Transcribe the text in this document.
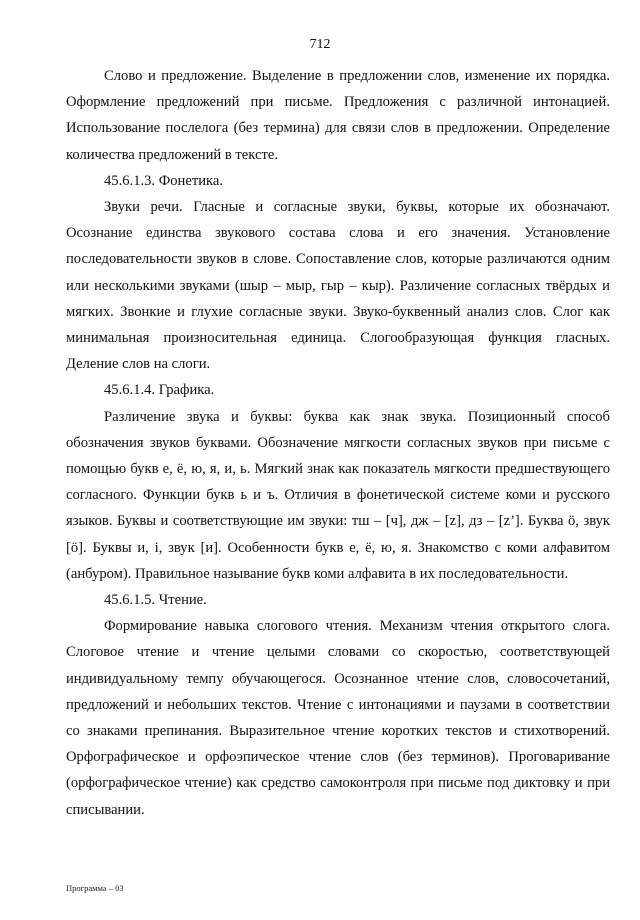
712

Слово и предложение. Выделение в предложении слов, изменение их порядка. Оформление предложений при письме. Предложения с различной интонацией. Использование послелога (без термина) для связи слов в предложении. Определение количества предложений в тексте.

45.6.1.3. Фонетика.

Звуки речи. Гласные и согласные звуки, буквы, которые их обозначают. Осознание единства звукового состава слова и его значения. Установление последовательности звуков в слове. Сопоставление слов, которые различаются одним или несколькими звуками (шыр – мыр, гыр – кыр). Различение согласных твёрдых и мягких. Звонкие и глухие согласные звуки. Звуко-буквенный анализ слов. Слог как минимальная произносительная единица. Слогообразующая функция гласных. Деление слов на слоги.

45.6.1.4. Графика.

Различение звука и буквы: буква как знак звука. Позиционный способ обозначения звуков буквами. Обозначение мягкости согласных звуков при письме с помощью букв е, ё, ю, я, и, ь. Мягкий знак как показатель мягкости предшествующего согласного. Функции букв ь и ъ. Отличия в фонетической системе коми и русского языков. Буквы и соответствующие им звуки: тш – [ч], дж – [z], дз – [z’]. Буква ö, звук [ö]. Буквы и, i, звук [и]. Особенности букв е, ё, ю, я. Знакомство с коми алфавитом (анбуром). Правильное называние букв коми алфавита в их последовательности.

45.6.1.5. Чтение.

Формирование навыка слогового чтения. Механизм чтения открытого слога. Слоговое чтение и чтение целыми словами со скоростью, соответствующей индивидуальному темпу обучающегося. Осознанное чтение слов, словосочетаний, предложений и небольших текстов. Чтение с интонациями и паузами в соответствии со знаками препинания. Выразительное чтение коротких текстов и стихотворений. Орфографическое и орфоэпическое чтение слов (без терминов). Проговаривание (орфографическое чтение) как средство самоконтроля при письме под диктовку и при списывании.

Программа – 03
